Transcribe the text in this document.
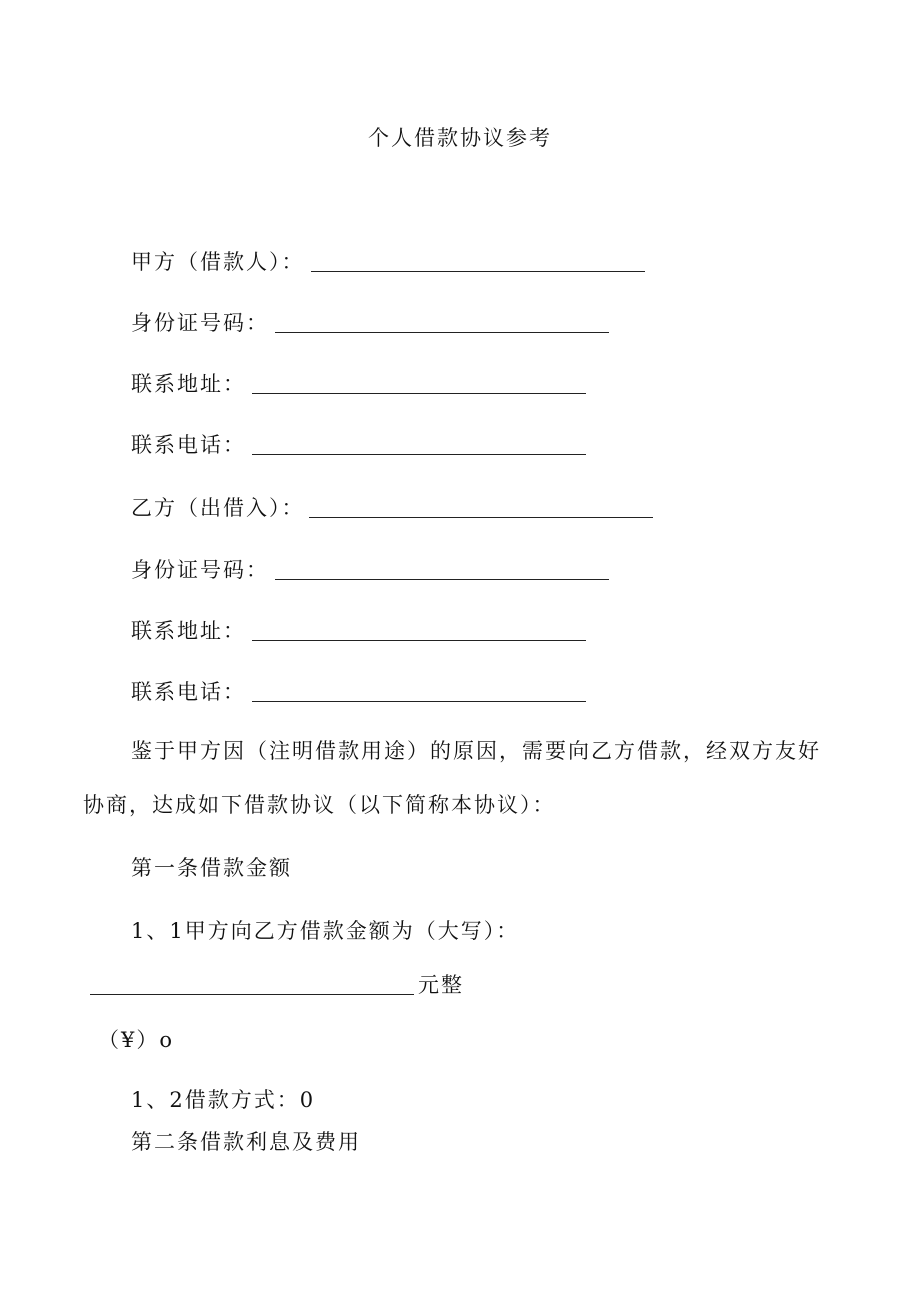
个人借款协议参考
甲方（借款人）：
身份证号码：
联系地址：
联系电话：
乙方（出借入）：
身份证号码：
联系地址：
联系电话：
鉴于甲方因（注明借款用途）的原因，需要向乙方借款，经双方友好协商，达成如下借款协议（以下简称本协议）：
第一条借款金额
1、1甲方向乙方借款金额为（大写）：
元整
（¥）o
1、2借款方式：0
第二条借款利息及费用
